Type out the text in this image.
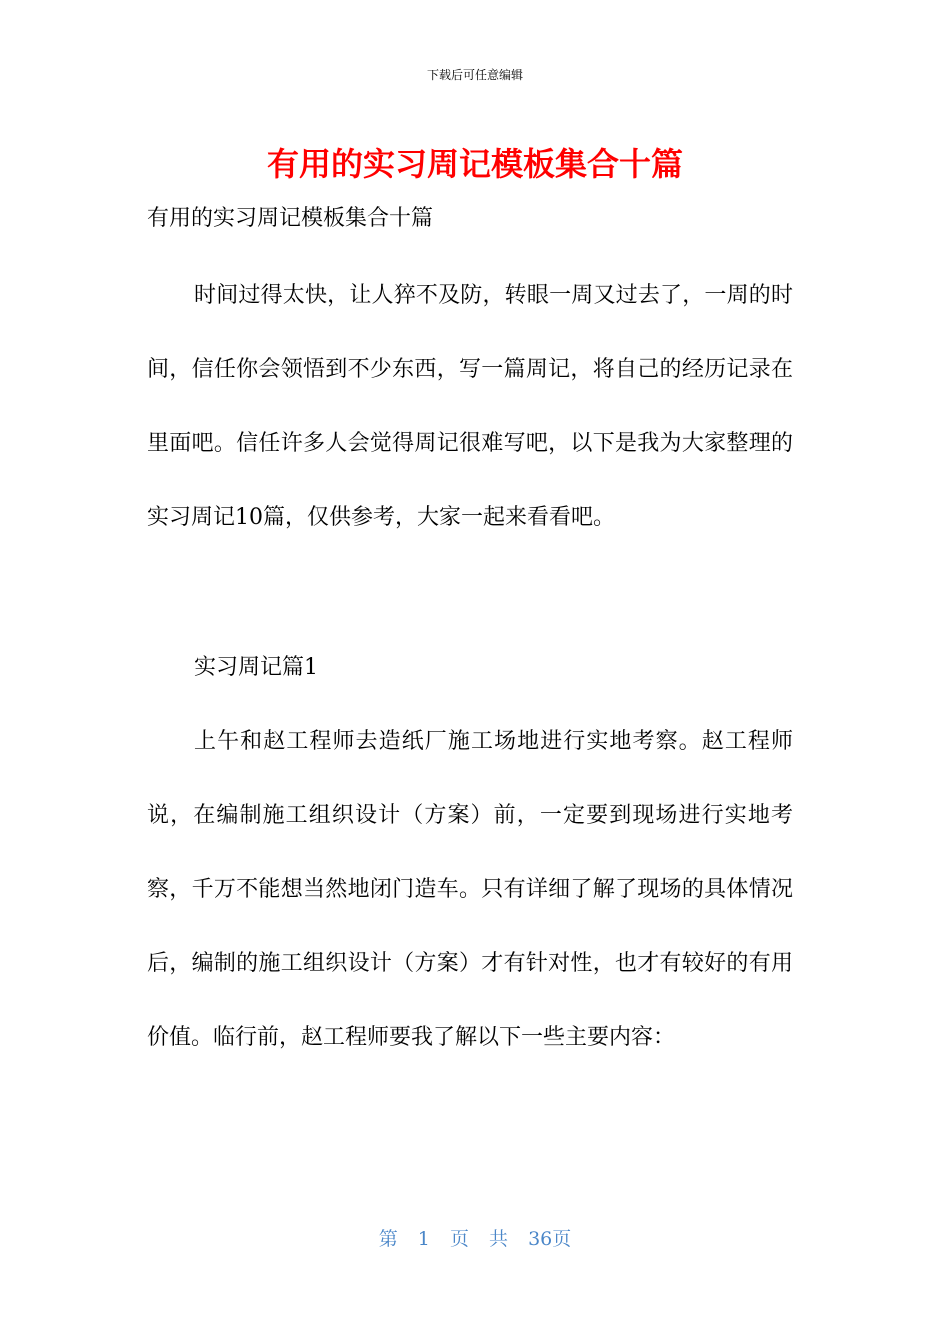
下载后可任意编辑
有用的实习周记模板集合十篇

有用的实习周记模板集合十篇

时间过得太快，让人猝不及防，转眼一周又过去了，一周的时间，信任你会领悟到不少东西，写一篇周记，将自己的经历记录在里面吧。信任许多人会觉得周记很难写吧，以下是我为大家整理的实习周记10篇，仅供参考，大家一起来看看吧。

实习周记篇1

上午和赵工程师去造纸厂施工场地进行实地考察。赵工程师说，在编制施工组织设计（方案）前，一定要到现场进行实地考察，千万不能想当然地闭门造车。只有详细了解了现场的具体情况后，编制的施工组织设计（方案）才有针对性，也才有较好的有用价值。临行前，赵工程师要我了解以下一些主要内容：

第 1 页 共 36页
